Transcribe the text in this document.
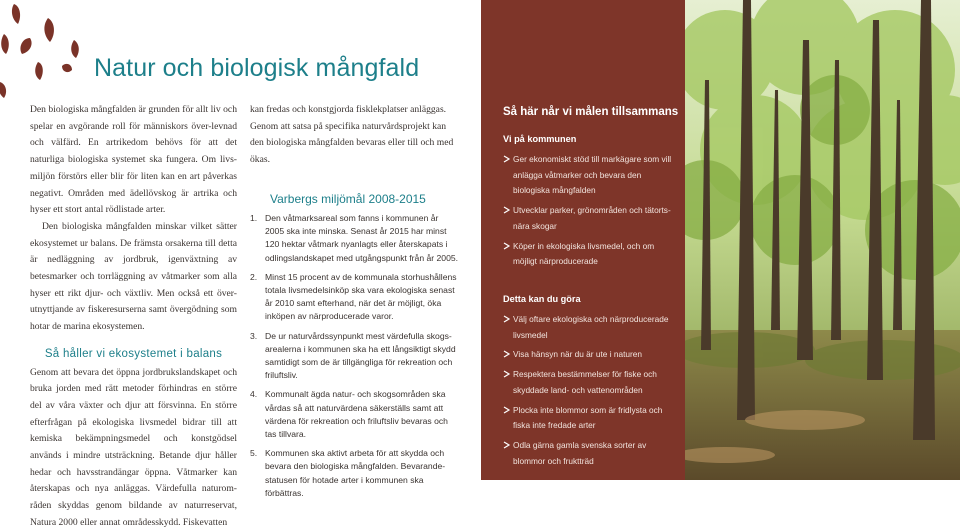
Natur och biologisk mångfald

Den biologiska mångfalden är grunden för allt liv och spelar en avgörande roll för människors över-levnad och välfärd. En artrikedom behövs för att det naturliga biologiska systemet ska fungera. Om livs-miljön förstörs eller blir för liten kan en art påverkas negativt. Områden med ädellövskog är artrika och hyser ett stort antal rödlistade arter.

Den biologiska mångfalden minskar vilket sätter ekosystemet ur balans. De främsta orsakerna till detta är nedläggning av jordbruk, igenväxtning av betesmarker och torrläggning av våtmarker som alla hyser ett rikt djur- och växtliv. Men också ett över-utnyttjande av fiskeresurserna samt övergödning som hotar de marina ekosystemen.

Så håller vi ekosystemet i balans

Genom att bevara det öppna jordbrukslandskapet och bruka jorden med rätt metoder förhindras en större del av våra växter och djur att försvinna. En större efterfrågan på ekologiska livsmedel bidrar till att kemiska bekämpningsmedel och konstgödsel används i mindre utsträckning. Betande djur håller hedar och havsstrandängar öppna. Våtmarker kan återskapas och nya anläggas. Värdefulla naturom-råden skyddas genom bildande av naturreservat, Natura 2000 eller annat områdesskydd. Fiskevatten

kan fredas och konstgjorda fisklekplatser anläggas. Genom att satsa på specifika naturvårdsprojekt kan den biologiska mångfalden bevaras eller till och med ökas.

Varbergs miljömål 2008-2015
1. Den våtmarksareal som fanns i kommunen år 2005 ska inte minska. Senast år 2015 har minst 120 hektar våtmark nyanlagts eller återskapats i odlingslandskapet med utgångspunkt från år 2005.
2. Minst 15 procent av de kommunala storhushållens totala livsmedelsinköp ska vara ekologiska senast år 2010 samt efterhand, när det är möjligt, öka inköpen av närproducerade varor.
3. De ur naturvårdssynpunkt mest värdefulla skogs-arealerna i kommunen ska ha ett långsiktigt skydd samtidigt som de är tillgängliga för rekreation och friluftsliv.
4. Kommunalt ägda natur- och skogsområden ska vårdas så att naturvärdena säkerställs samt att värdena för rekreation och friluftsliv bevaras och tas tillvara.
5. Kommunen ska aktivt arbeta för att skydda och bevara den biologiska mångfalden. Bevarande-statusen för hotade arter i kommunen ska förbättras.
Så här når vi målen tillsammans
Vi på kommunen
Ger ekonomiskt stöd till markägare som vill anlägga våtmarker och bevara den biologiska mångfalden
Utvecklar parker, grönområden och tätorts-nära skogar
Köper in ekologiska livsmedel, och om möjligt närproducerade
Detta kan du göra
Välj oftare ekologiska och närproducerade livsmedel
Visa hänsyn när du är ute i naturen
Respektera bestämmelser för fiske och skyddade land- och vattenområden
Plocka inte blommor som är fridlysta och fiska inte fredade arter
Odla gärna gamla svenska sorter av blommor och fruktträd
